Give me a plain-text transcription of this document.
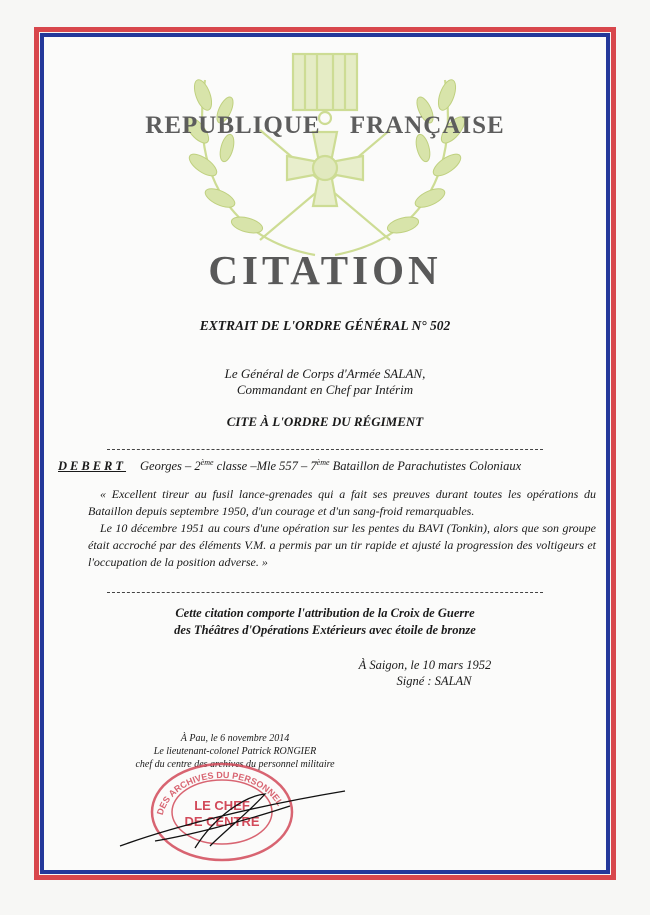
REPUBLIQUE FRANÇAISE
CITATION
EXTRAIT DE L'ORDRE GÉNÉRAL N° 502
Le Général de Corps d'Armée SALAN,
Commandant en Chef par Intérim
CITE À L'ORDRE DU RÉGIMENT
DEBERT Georges – 2ème classe –Mle 557 – 7ème Bataillon de Parachutistes Coloniaux

« Excellent tireur au fusil lance-grenades qui a fait ses preuves durant toutes les opérations du Bataillon depuis septembre 1950, d'un courage et d'un sang-froid remarquables.

Le 10 décembre 1951 au cours d'une opération sur les pentes du BAVI (Tonkin), alors que son groupe était accroché par des éléments V.M. a permis par un tir rapide et ajusté la progression des voltigeurs et l'occupation de la position adverse. »

Cette citation comporte l'attribution de la Croix de Guerre
des Théâtres d'Opérations Extérieurs avec étoile de bronze
À Saigon, le 10 mars 1952
Signé : SALAN
À Pau, le 6 novembre 2014
Le lieutenant-colonel Patrick RONGIER
chef du centre des archives du personnel militaire
DES ARCHIVES DU PERSONNEL
LE CHEF
DE CENTRE
